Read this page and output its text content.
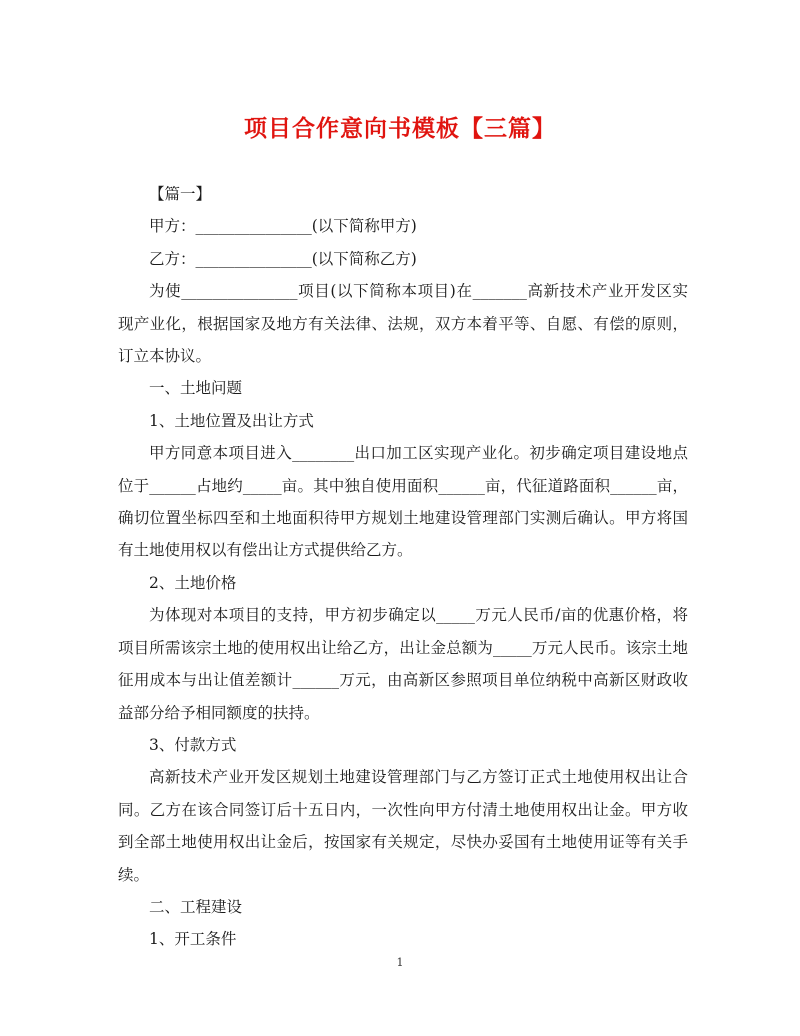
项目合作意向书模板【三篇】

【篇一】

甲方：_______________(以下简称甲方)

乙方：_______________(以下简称乙方)

为使_______________项目(以下简称本项目)在_______高新技术产业开发区实现产业化，根据国家及地方有关法律、法规，双方本着平等、自愿、有偿的原则，订立本协议。

一、土地问题

1、土地位置及出让方式

甲方同意本项目进入________出口加工区实现产业化。初步确定项目建设地点位于______占地约_____亩。其中独自使用面积______亩，代征道路面积______亩，确切位置坐标四至和土地面积待甲方规划土地建设管理部门实测后确认。甲方将国有土地使用权以有偿出让方式提供给乙方。

2、土地价格

为体现对本项目的支持，甲方初步确定以_____万元人民币/亩的优惠价格，将项目所需该宗土地的使用权出让给乙方，出让金总额为_____万元人民币。该宗土地征用成本与出让值差额计______万元，由高新区参照项目单位纳税中高新区财政收益部分给予相同额度的扶持。

3、付款方式

高新技术产业开发区规划土地建设管理部门与乙方签订正式土地使用权出让合同。乙方在该合同签订后十五日内，一次性向甲方付清土地使用权出让金。甲方收到全部土地使用权出让金后，按国家有关规定，尽快办妥国有土地使用证等有关手续。

二、工程建设

1、开工条件

1
